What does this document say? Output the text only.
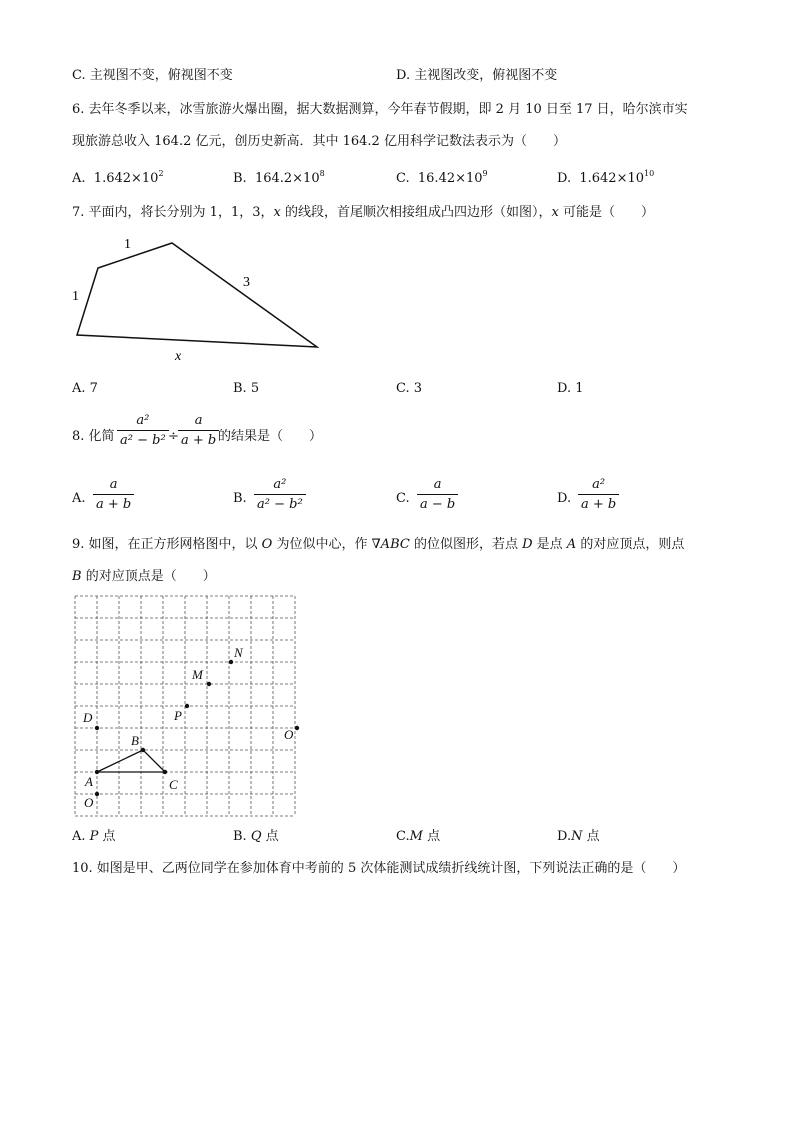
C. 主视图不变，俯视图不变	D. 主视图改变，俯视图不变
6. 去年冬季以来，冰雪旅游火爆出圈，据大数据测算，今年春节假期，即 2 月 10 日至 17 日，哈尔滨市实
现旅游总收入 164.2 亿元，创历史新高．其中 164.2 亿用科学记数法表示为（　　）
A. $1.642\times 10^2$	B. $164.2\times 10^8$	C. $16.42\times 10^9$	D. $1.642\times 10^{10}$
7. 平面内，将长分别为 1，1，3，x 的线段，首尾顺次相接组成凸四边形（如图），x 可能是（　　）
1
1
3
x
A. 7	B. 5	C. 3	D. 1
8. 化简 $\frac{\text{a²}}{\text{a² − b²}} \div \frac{a}{a + b}$
的结果是（　　）
A. $\frac{a}{a + b}$	B. $\frac{\text{a²}}{\text{a² − b²}}$	C. $\frac{a}{a - b}$	D. $\frac{\text{a²}}{a + b}$
9. 如图，在正方形网格图中，以 O 为位似中心，作 ∇ABC 的位似图形，若点 D 是点 A 的对应顶点，则点
B 的对应顶点是（　　）
N
M
P
D
O
B
A	C
O
A. P 点	B. Q 点	C.M 点	D.N 点
10. 如图是甲、乙两位同学在参加体育中考前的 5 次体能测试成绩折线统计图，下列说法正确的是（　　）
